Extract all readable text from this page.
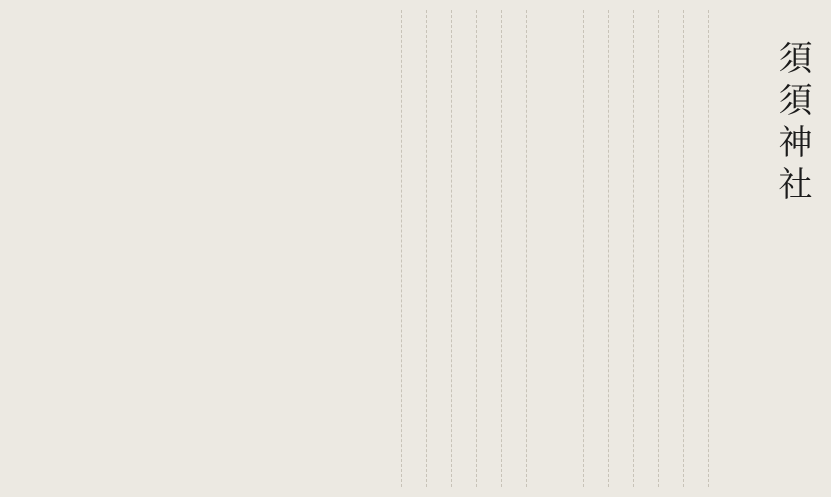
須須神社
